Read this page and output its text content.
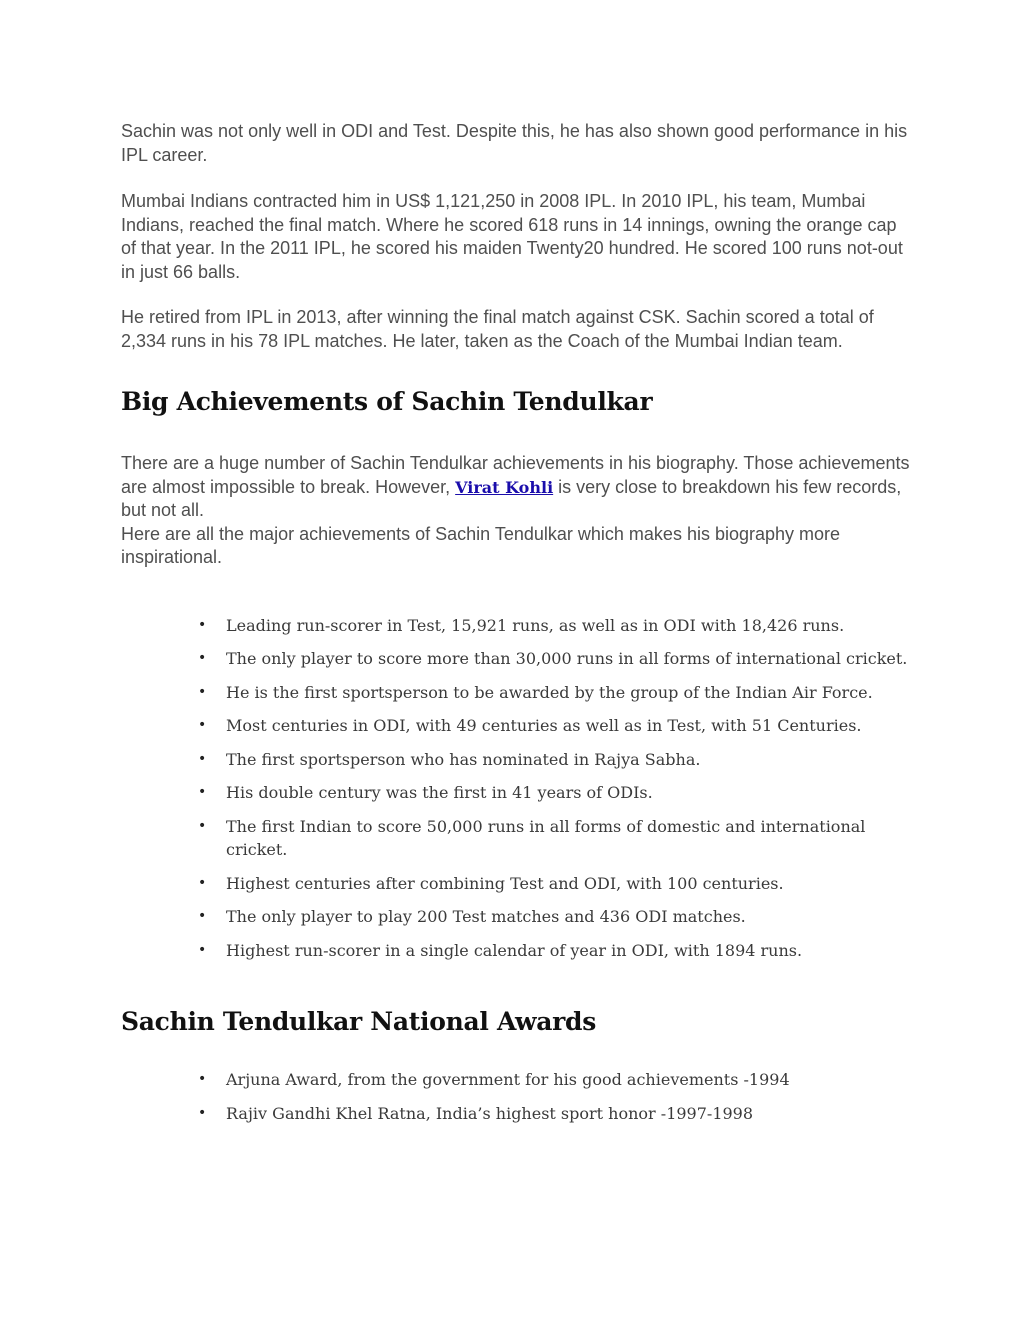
Sachin was not only well in ODI and Test. Despite this, he has also shown good performance in his IPL career.

Mumbai Indians contracted him in US$ 1,121,250 in 2008 IPL. In 2010 IPL, his team, Mumbai Indians, reached the final match. Where he scored 618 runs in 14 innings, owning the orange cap of that year. In the 2011 IPL, he scored his maiden Twenty20 hundred. He scored 100 runs not-out in just 66 balls.

He retired from IPL in 2013, after winning the final match against CSK. Sachin scored a total of 2,334 runs in his 78 IPL matches. He later, taken as the Coach of the Mumbai Indian team.

Big Achievements of Sachin Tendulkar

There are a huge number of Sachin Tendulkar achievements in his biography. Those achievements are almost impossible to break. However, Virat Kohli is very close to breakdown his few records, but not all.

Here are all the major achievements of Sachin Tendulkar which makes his biography more inspirational.

• Leading run-scorer in Test, 15,921 runs, as well as in ODI with 18,426 runs.
• The only player to score more than 30,000 runs in all forms of international cricket.
• He is the first sportsperson to be awarded by the group of the Indian Air Force.
• Most centuries in ODI, with 49 centuries as well as in Test, with 51 Centuries.
• The first sportsperson who has nominated in Rajya Sabha.
• His double century was the first in 41 years of ODIs.
• The first Indian to score 50,000 runs in all forms of domestic and international cricket.
• Highest centuries after combining Test and ODI, with 100 centuries.
• The only player to play 200 Test matches and 436 ODI matches.
• Highest run-scorer in a single calendar of year in ODI, with 1894 runs.
Sachin Tendulkar National Awards
• Arjuna Award, from the government for his good achievements -1994
• Rajiv Gandhi Khel Ratna, India’s highest sport honor -1997-1998
